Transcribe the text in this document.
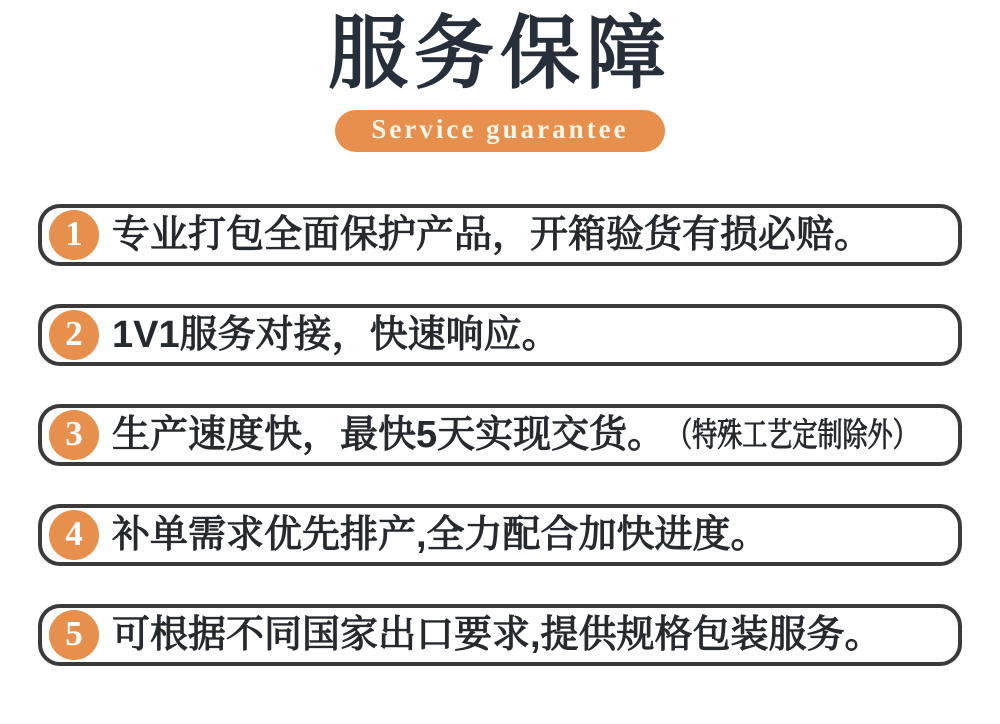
服务保障
Service guarantee
1 专业打包全面保护产品，开箱验货有损必赔。
2 1V1服务对接，快速响应。
3 生产速度快，最快5天实现交货。 （特殊工艺定制除外）
4 补单需求优先排产,全力配合加快进度。
5 可根据不同国家出口要求,提供规格包装服务。
